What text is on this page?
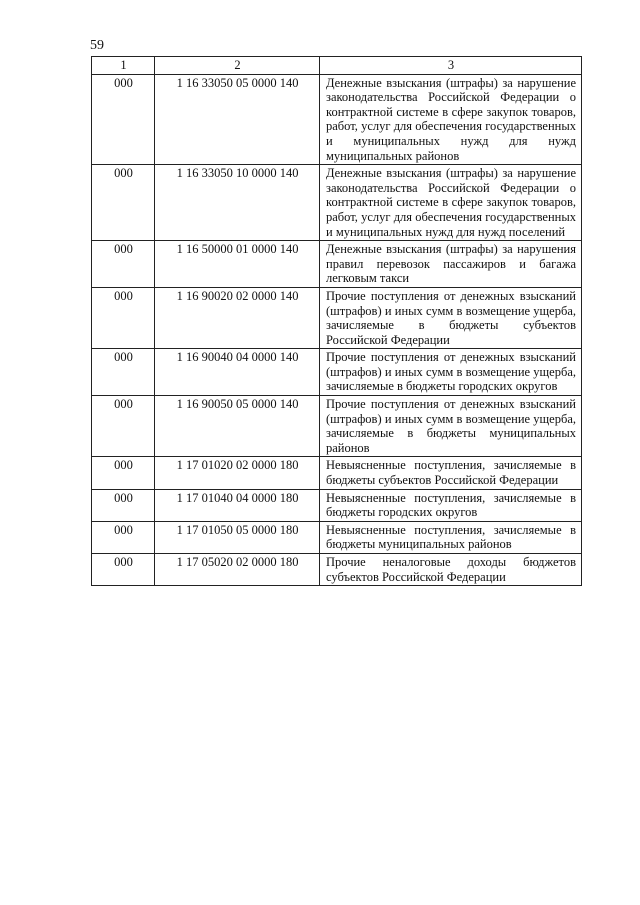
59
1	2	3
000	1 16 33050 05 0000 140	Денежные взыскания (штрафы) за нарушение законодательства Российской Федерации о контрактной системе в сфере закупок товаров, работ, услуг для обеспечения государственных и муниципальных нужд для нужд муниципальных районов
000	1 16 33050 10 0000 140	Денежные взыскания (штрафы) за нарушение законодательства Российской Федерации о контрактной системе в сфере закупок товаров, работ, услуг для обеспечения государственных и муниципальных нужд для нужд поселений
000	1 16 50000 01 0000 140	Денежные взыскания (штрафы) за нарушения правил перевозок пассажиров и багажа легковым такси
000	1 16 90020 02 0000 140	Прочие поступления от денежных взысканий (штрафов) и иных сумм в возмещение ущерба, зачисляемые в бюджеты субъектов Российской Федерации
000	1 16 90040 04 0000 140	Прочие поступления от денежных взысканий (штрафов) и иных сумм в возмещение ущерба, зачисляемые в бюджеты городских округов
000	1 16 90050 05 0000 140	Прочие поступления от денежных взысканий (штрафов) и иных сумм в возмещение ущерба, зачисляемые в бюджеты муниципальных районов
000	1 17 01020 02 0000 180	Невыясненные поступления, зачисляемые в бюджеты субъектов Российской Федерации
000	1 17 01040 04 0000 180	Невыясненные поступления, зачисляемые в бюджеты городских округов
000	1 17 01050 05 0000 180	Невыясненные поступления, зачисляемые в бюджеты муниципальных районов
000	1 17 05020 02 0000 180	Прочие неналоговые доходы бюджетов субъектов Российской Федерации
